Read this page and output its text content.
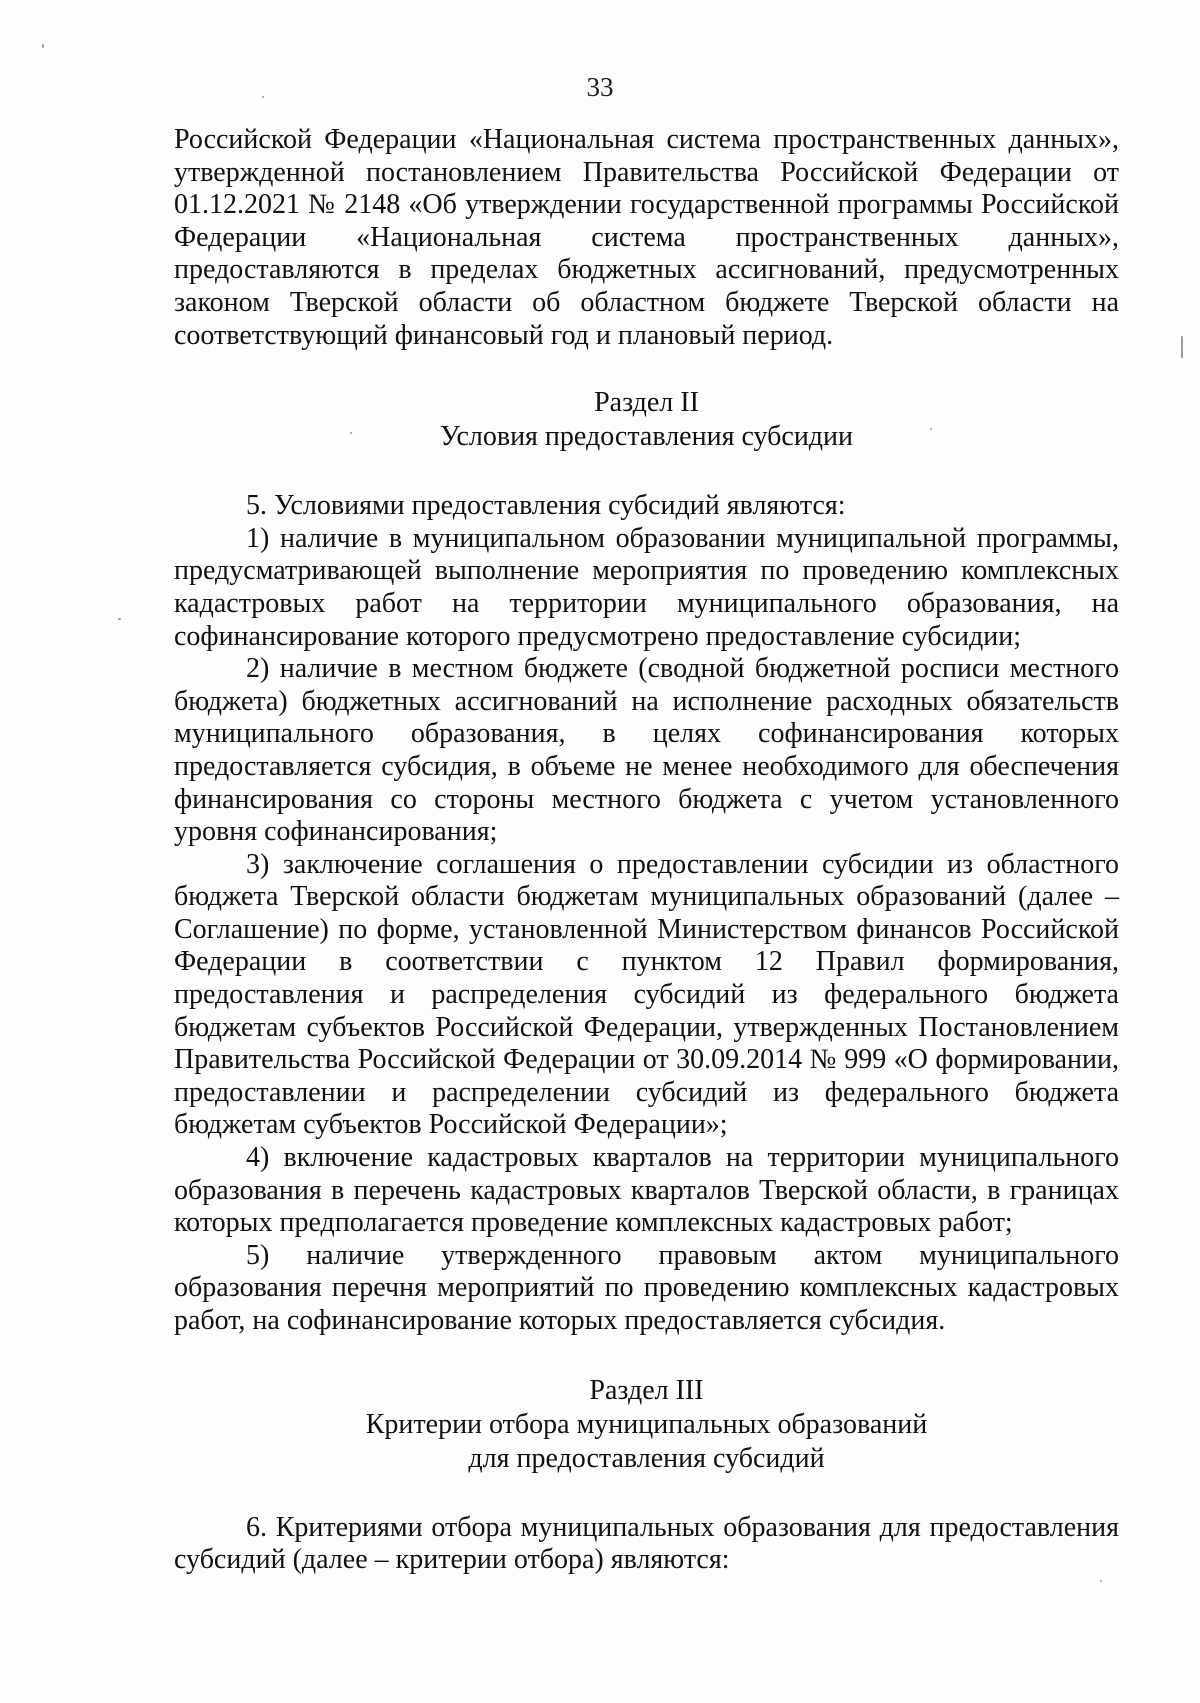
33

Российской Федерации «Национальная система пространственных данных», утвержденной постановлением Правительства Российской Федерации от 01.12.2021 № 2148 «Об утверждении государственной программы Российской Федерации «Национальная система пространственных данных», предоставляются в пределах бюджетных ассигнований, предусмотренных законом Тверской области об областном бюджете Тверской области на соответствующий финансовый год и плановый период.

Раздел II

Условия предоставления субсидии

5. Условиями предоставления субсидий являются:

1) наличие в муниципальном образовании муниципальной программы, предусматривающей выполнение мероприятия по проведению комплексных кадастровых работ на территории муниципального образования, на софинансирование которого предусмотрено предоставление субсидии;

2) наличие в местном бюджете (сводной бюджетной росписи местного бюджета) бюджетных ассигнований на исполнение расходных обязательств муниципального образования, в целях софинансирования которых предоставляется субсидия, в объеме не менее необходимого для обеспечения финансирования со стороны местного бюджета с учетом установленного уровня софинансирования;

3) заключение соглашения о предоставлении субсидии из областного бюджета Тверской области бюджетам муниципальных образований (далее – Соглашение) по форме, установленной Министерством финансов Российской Федерации в соответствии с пунктом 12 Правил формирования, предоставления и распределения субсидий из федерального бюджета бюджетам субъектов Российской Федерации, утвержденных Постановлением Правительства Российской Федерации от 30.09.2014 № 999 «О формировании, предоставлении и распределении субсидий из федерального бюджета бюджетам субъектов Российской Федерации»;

4) включение кадастровых кварталов на территории муниципального образования в перечень кадастровых кварталов Тверской области, в границах которых предполагается проведение комплексных кадастровых работ;

5) наличие утвержденного правовым актом муниципального образования перечня мероприятий по проведению комплексных кадастровых работ, на софинансирование которых предоставляется субсидия.

Раздел III

Критерии отбора муниципальных образований

для предоставления субсидий

6. Критериями отбора муниципальных образования для предоставления субсидий (далее – критерии отбора) являются:
